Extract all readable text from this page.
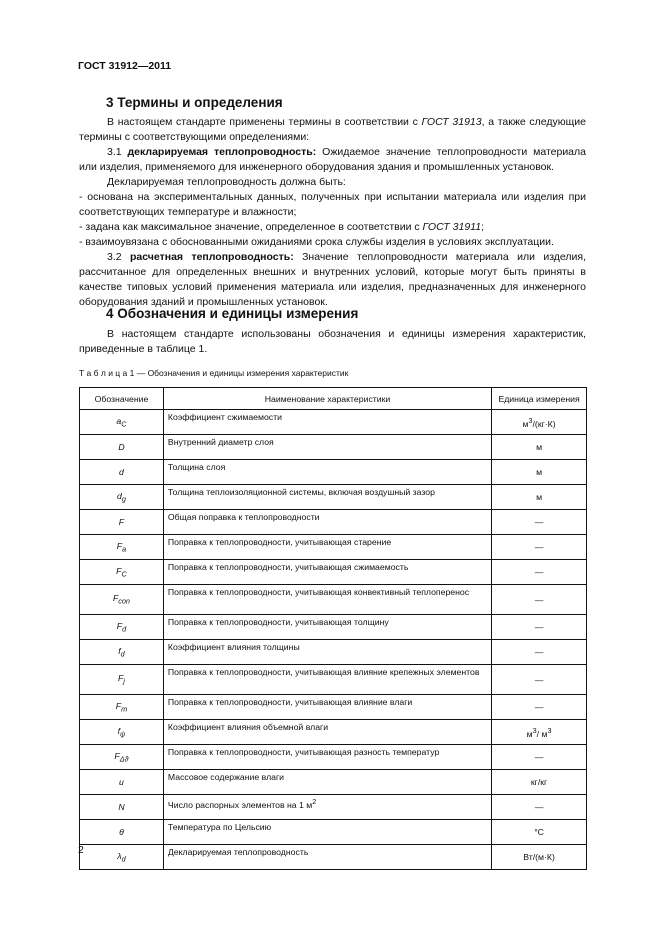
ГОСТ 31912—2011
3 Термины и определения

В настоящем стандарте применены термины в соответствии с ГОСТ 31913, а также следующие термины с соответствующими определениями:

3.1 декларируемая теплопроводность: Ожидаемое значение теплопроводности материала или изделия, применяемого для инженерного оборудования здания и промышленных установок.

Декларируемая теплопроводность должна быть:

- основана на экспериментальных данных, полученных при испытании материала или изделия при соответствующих температуре и влажности;

- задана как максимальное значение, определенное в соответствии с ГОСТ 31911;

- взаимоувязана с обоснованными ожиданиями срока службы изделия в условиях эксплуатации.

3.2 расчетная теплопроводность: Значение теплопроводности материала или изделия, рассчитанное для определенных внешних и внутренних условий, которые могут быть приняты в качестве типовых условий применения материала или изделия, предназначенных для инженерного оборудования зданий и промышленных установок.

4 Обозначения и единицы измерения

В настоящем стандарте использованы обозначения и единицы измерения характеристик, приведенные в таблице 1.

Т а б л и ц а 1 — Обозначения и единицы измерения характеристик
Обозначение	Наименование характеристики	Единица измерения
$a_C$	Коэффициент сжимаемости	$м^3/(кг\cdot К)$
D	Внутренний диаметр слоя	м
d	Толщина слоя	м
$d_g$	Толщина теплоизоляционной системы, включая воздушный зазор	м
F	Общая поправка к теплопроводности	—
$F_a$	Поправка к теплопроводности, учитывающая старение	—
$F_C$	Поправка к теплопроводности, учитывающая сжимаемость	—
$F_{con}$	Поправка к теплопроводности, учитывающая конвективный теплоперенос	—
$F_d$	Поправка к теплопроводности, учитывающая толщину	—
$f_d$	Коэффициент влияния толщины	—
$F_j$	Поправка к теплопроводности, учитывающая влияние крепежных элементов	—
$F_m$	Поправка к теплопроводности, учитывающая влияние влаги	—
$f_\psi$	Коэффициент влияния объемной влаги	$м^3/$ $м^3$
$F_{\Delta ϑ}$	Поправка к теплопроводности, учитывающая разность температур	—
u	Массовое содержание влаги	кг/кг
N	Число распорных элементов на 1 $м^2$	—
θ	Температура по Цельсию	°C
$\lambda_d$	Декларируемая теплопроводность	Вт/(м·К)
2
